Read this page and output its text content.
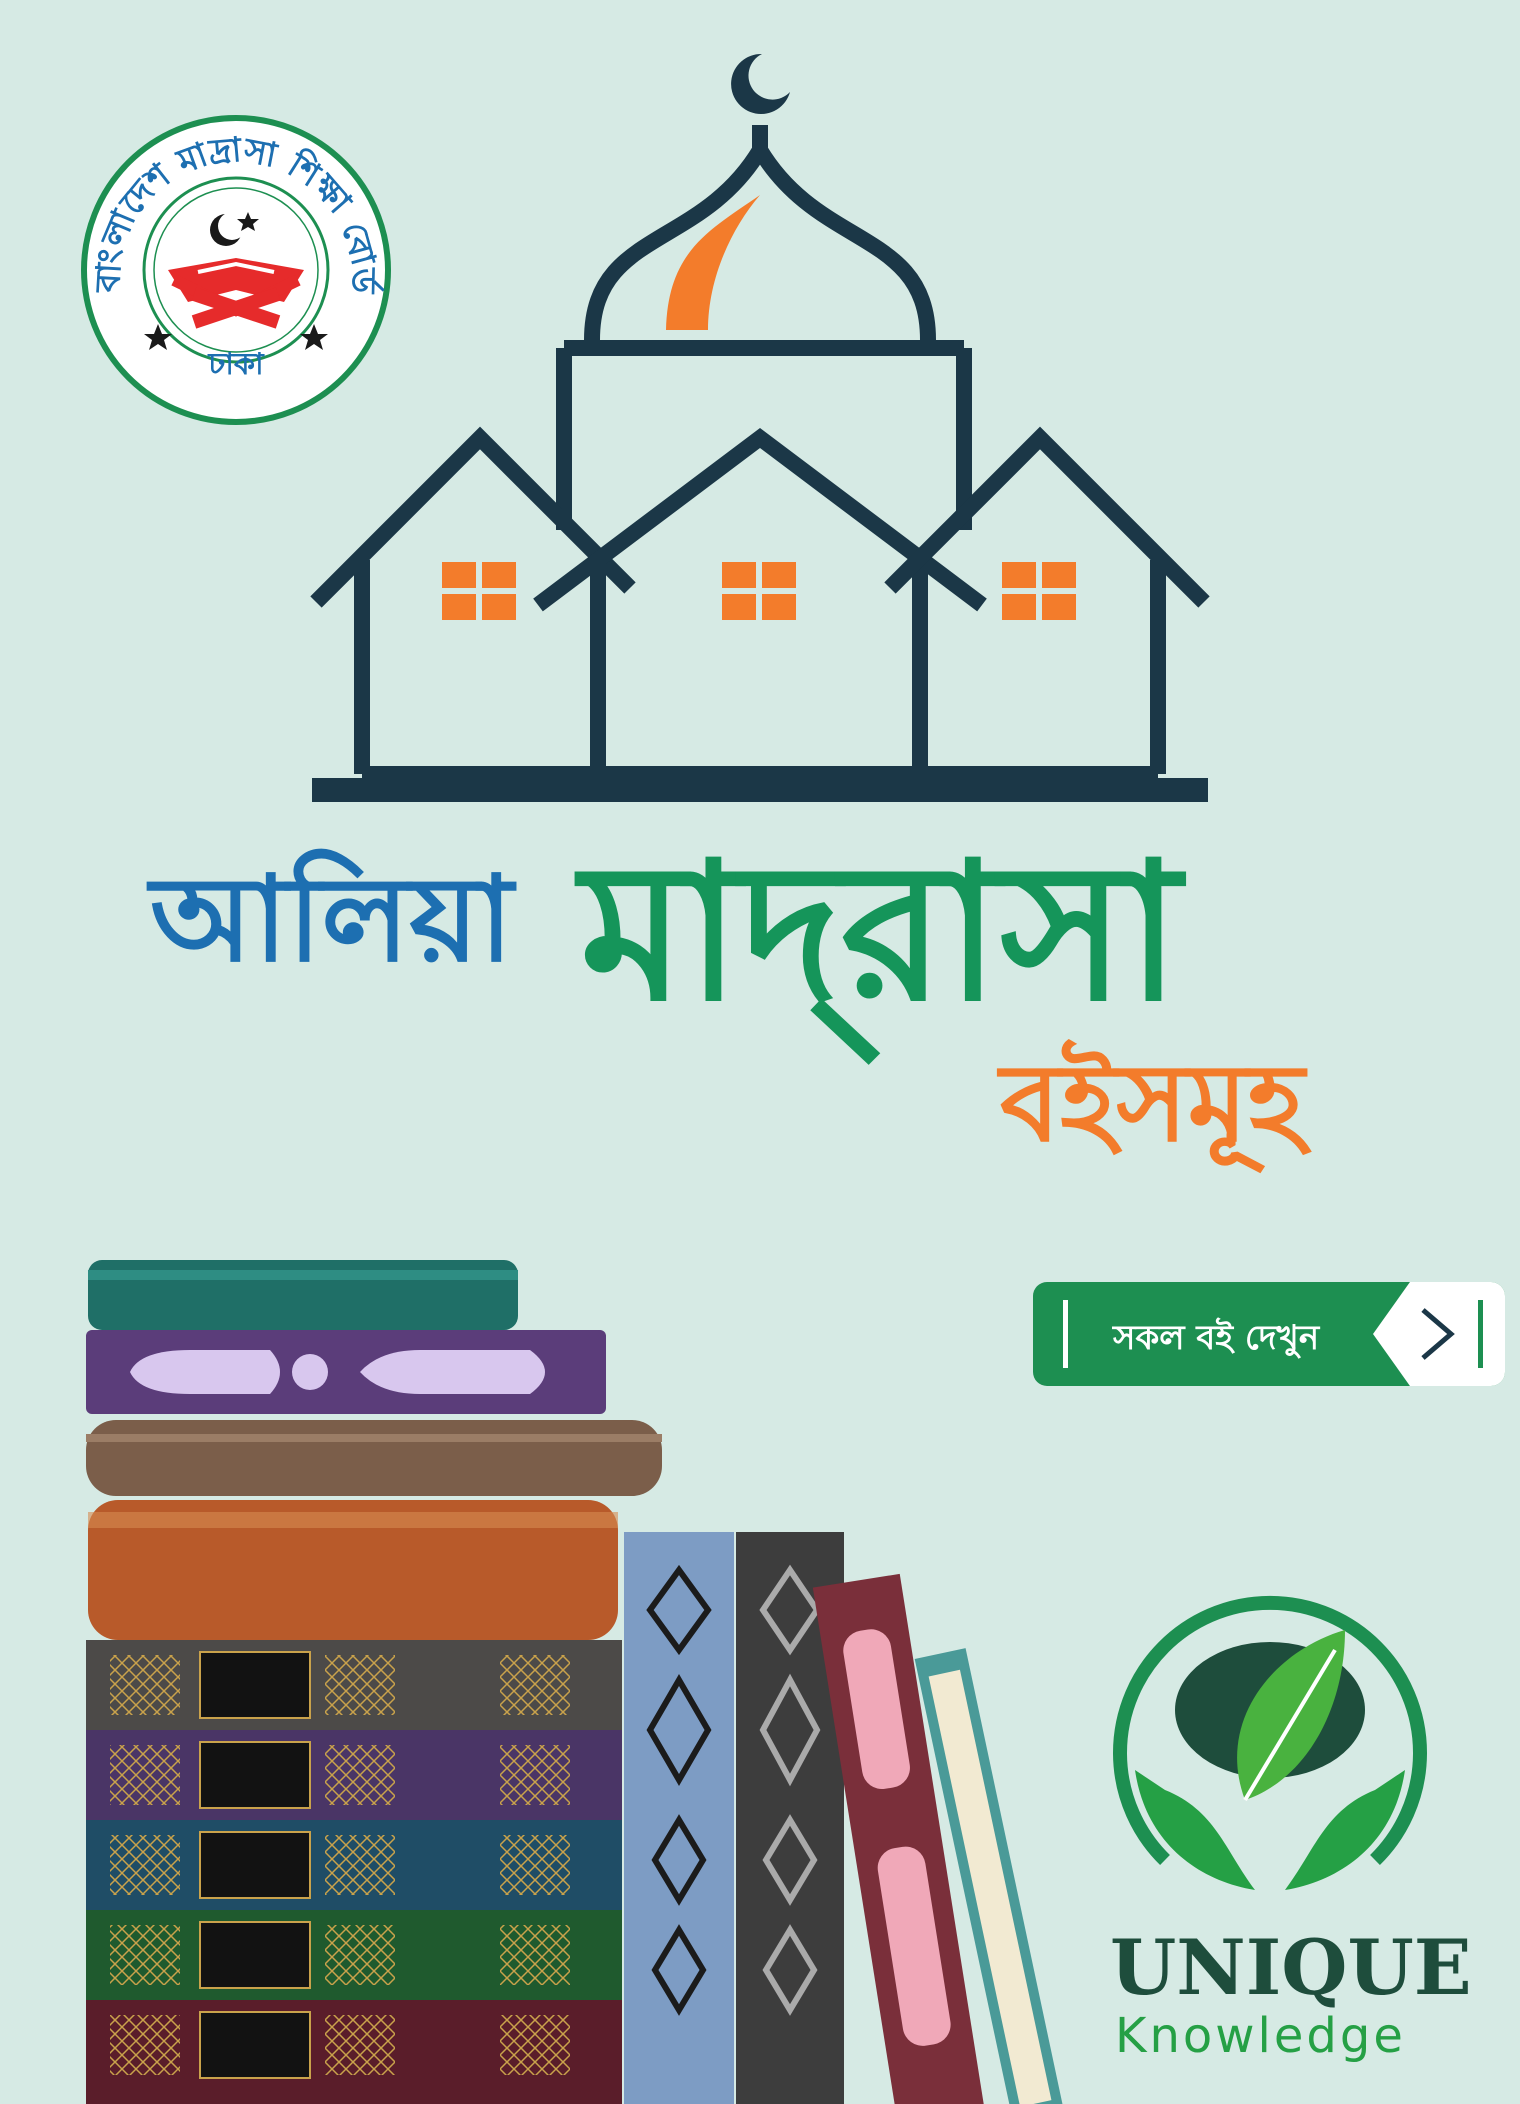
বাংলাদেশ মাদ্রাসা শিক্ষা বোর্ড
ঢাকা
আলিয়া মাদ্‌রাসা
বইসমূহ
সকল বই দেখুন
UNIQUE
Knowledge
